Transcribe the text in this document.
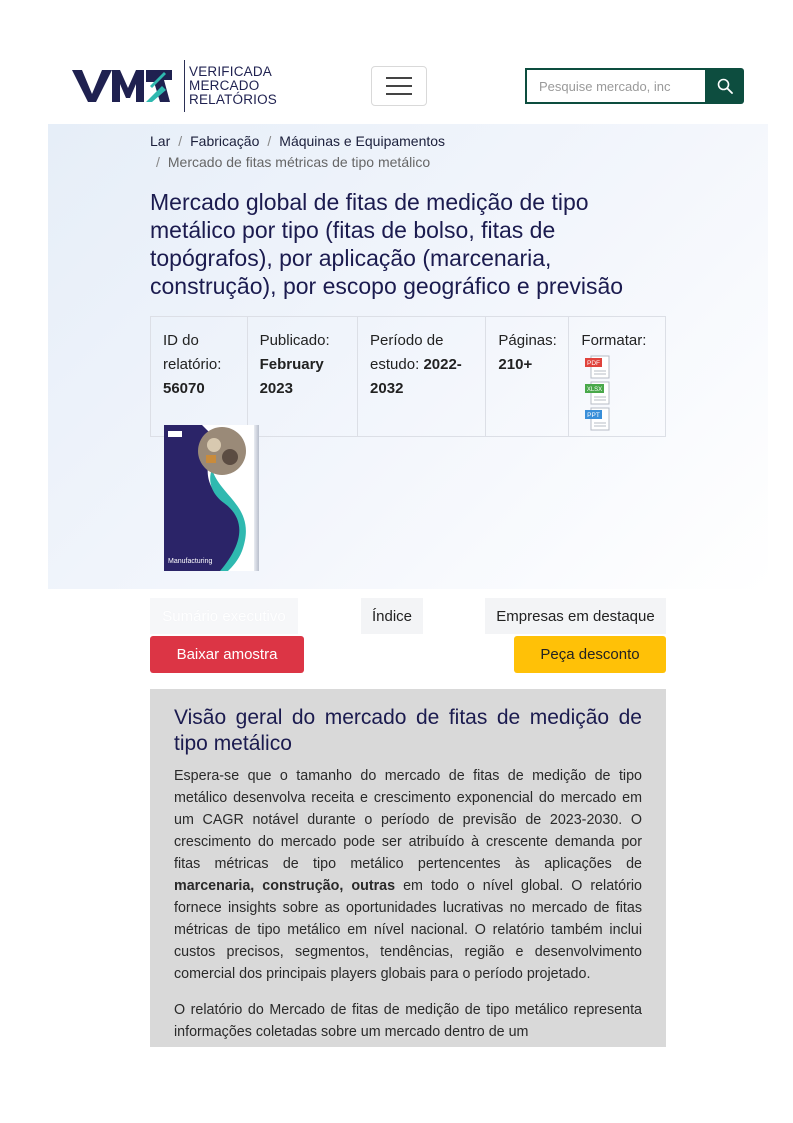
VERIFICADA
MERCADO
RELATÓRIOS
Pesquise mercado, inc
Lar / Fabricação / Máquinas e Equipamentos
/ Mercado de fitas métricas de tipo metálico
Mercado global de fitas de medição de tipo metálico por tipo (fitas de bolso, fitas de topógrafos), por aplicação (marcenaria, construção), por escopo geográfico e previsão
ID do relatório:
56070
Publicado:
February 2023
Período de estudo: 2022-2032
Páginas:
210+
Formatar:
PDF
XLSX
PPT
Manufacturing
Sumário executivo	Índice	Empresas em destaque
Baixar amostra	Peça desconto
Visão geral do mercado de fitas de medição de tipo metálico

Espera-se que o tamanho do mercado de fitas de medição de tipo metálico desenvolva receita e crescimento exponencial do mercado em um CAGR notável durante o período de previsão de 2023-2030. O crescimento do mercado pode ser atribuído à crescente demanda por fitas métricas de tipo metálico pertencentes às aplicações de marcenaria, construção, outras em todo o nível global. O relatório fornece insights sobre as oportunidades lucrativas no mercado de fitas métricas de tipo metálico em nível nacional. O relatório também inclui custos precisos, segmentos, tendências, região e desenvolvimento comercial dos principais players globais para o período projetado.

O relatório do Mercado de fitas de medição de tipo metálico representa informações coletadas sobre um mercado dentro de um
